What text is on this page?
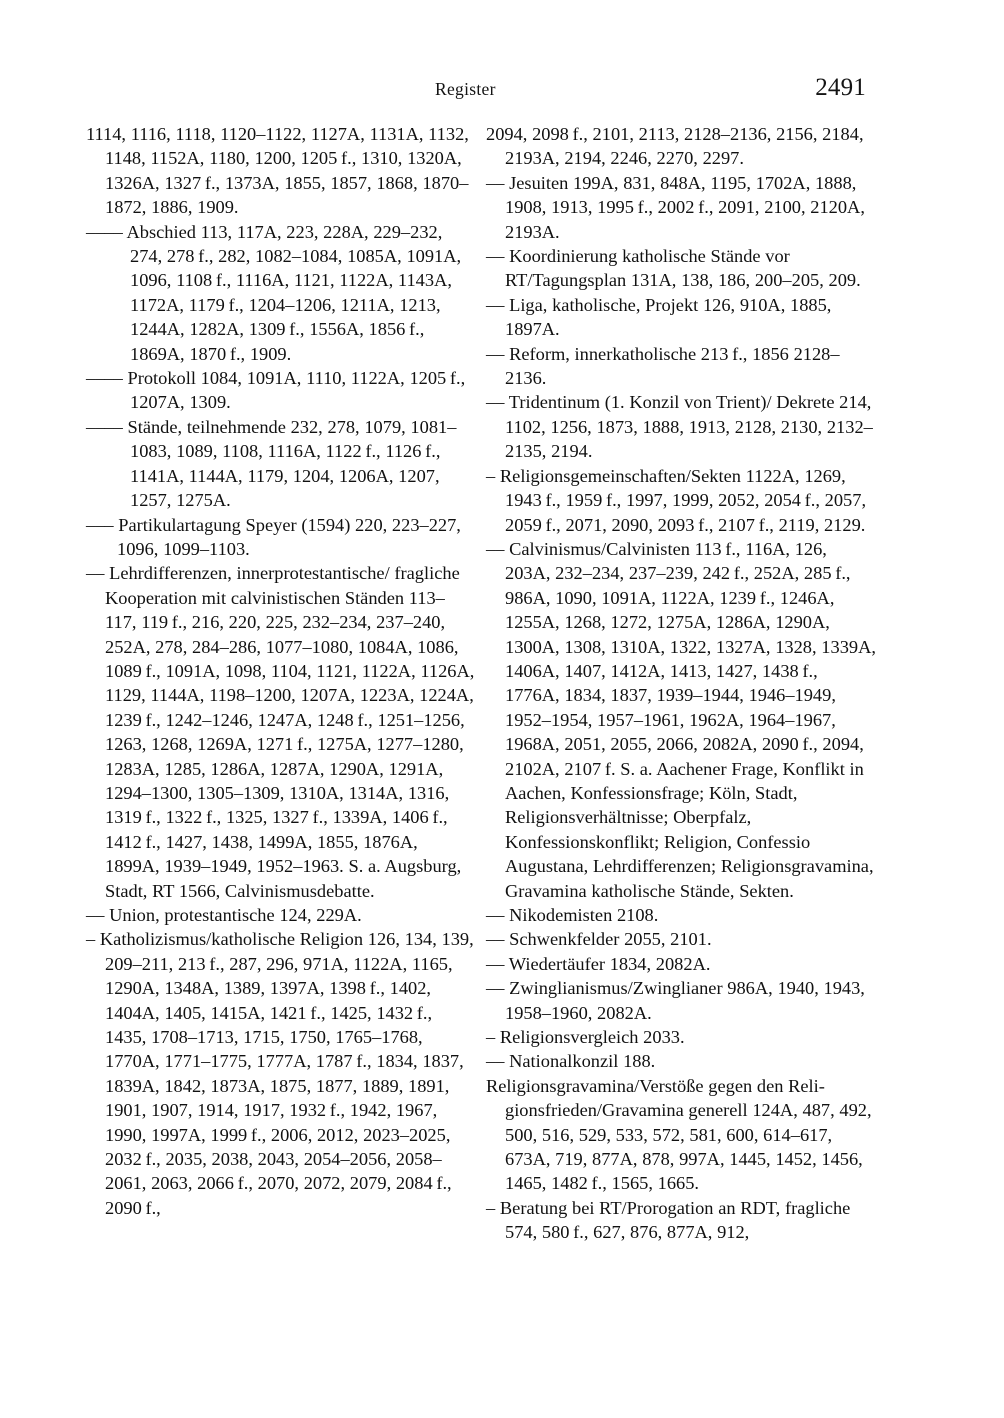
Register	2491

1114, 1116, 1118, 1120–1122, 1127A, 1131A, 1132, 1148, 1152A, 1180, 1200, 1205 f., 1310, 1320A, 1326A, 1327 f., 1373A, 1855, 1857, 1868, 1870–1872, 1886, 1909.

–––– Abschied 113, 117A, 223, 228A, 229–232, 274, 278 f., 282, 1082–1084, 1085A, 1091A, 1096, 1108 f., 1116A, 1121, 1122A, 1143A, 1172A, 1179 f., 1204–1206, 1211A, 1213, 1244A, 1282A, 1309 f., 1556A, 1856 f., 1869A, 1870 f., 1909.

–––– Protokoll 1084, 1091A, 1110, 1122A, 1205 f., 1207A, 1309.

–––– Stände, teilnehmende 232, 278, 1079, 1081–1083, 1089, 1108, 1116A, 1122 f., 1126 f., 1141A, 1144A, 1179, 1204, 1206A, 1207, 1257, 1275A.

––– Partikulartagung Speyer (1594) 220, 223–227, 1096, 1099–1103.

–– Lehrdifferenzen, innerprotestantische/ fragliche Kooperation mit calvinistischen Ständen 113–117, 119 f., 216, 220, 225, 232–234, 237–240, 252A, 278, 284–286, 1077–1080, 1084A, 1086, 1089 f., 1091A, 1098, 1104, 1121, 1122A, 1126A, 1129, 1144A, 1198–1200, 1207A, 1223A, 1224A, 1239 f., 1242–1246, 1247A, 1248 f., 1251–1256, 1263, 1268, 1269A, 1271 f., 1275A, 1277–1280, 1283A, 1285, 1286A, 1287A, 1290A, 1291A, 1294–1300, 1305–1309, 1310A, 1314A, 1316, 1319 f., 1322 f., 1325, 1327 f., 1339A, 1406 f., 1412 f., 1427, 1438, 1499A, 1855, 1876A, 1899A, 1939–1949, 1952–1963. S. a. Augsburg, Stadt, RT 1566, Calvinismusdebatte.

–– Union, protestantische 124, 229A.

– Katholizismus/katholische Religion 126, 134, 139, 209–211, 213 f., 287, 296, 971A, 1122A, 1165, 1290A, 1348A, 1389, 1397A, 1398 f., 1402, 1404A, 1405, 1415A, 1421 f., 1425, 1432 f., 1435, 1708–1713, 1715, 1750, 1765–1768, 1770A, 1771–1775, 1777A, 1787 f., 1834, 1837, 1839A, 1842, 1873A, 1875, 1877, 1889, 1891, 1901, 1907, 1914, 1917, 1932 f., 1942, 1967, 1990, 1997A, 1999 f., 2006, 2012, 2023–2025, 2032 f., 2035, 2038, 2043, 2054–2056, 2058–2061, 2063, 2066 f., 2070, 2072, 2079, 2084 f., 2090 f.,

2094, 2098 f., 2101, 2113, 2128–2136, 2156, 2184, 2193A, 2194, 2246, 2270, 2297.

–– Jesuiten 199A, 831, 848A, 1195, 1702A, 1888, 1908, 1913, 1995 f., 2002 f., 2091, 2100, 2120A, 2193A.

–– Koordinierung katholische Stände vor RT/Tagungsplan 131A, 138, 186, 200–205, 209.

–– Liga, katholische, Projekt 126, 910A, 1885, 1897A.

–– Reform, innerkatholische 213 f., 1856 2128–2136.

–– Tridentinum (1. Konzil von Trient)/ Dekrete 214, 1102, 1256, 1873, 1888, 1913, 2128, 2130, 2132–2135, 2194.

– Religionsgemeinschaften/Sekten 1122A, 1269, 1943 f., 1959 f., 1997, 1999, 2052, 2054 f., 2057, 2059 f., 2071, 2090, 2093 f., 2107 f., 2119, 2129.

–– Calvinismus/Calvinisten 113 f., 116A, 126, 203A, 232–234, 237–239, 242 f., 252A, 285 f., 986A, 1090, 1091A, 1122A, 1239 f., 1246A, 1255A, 1268, 1272, 1275A, 1286A, 1290A, 1300A, 1308, 1310A, 1322, 1327A, 1328, 1339A, 1406A, 1407, 1412A, 1413, 1427, 1438 f., 1776A, 1834, 1837, 1939–1944, 1946–1949, 1952–1954, 1957–1961, 1962A, 1964–1967, 1968A, 2051, 2055, 2066, 2082A, 2090 f., 2094, 2102A, 2107 f. S. a. Aachener Frage, Konflikt in Aachen, Konfessionsfrage; Köln, Stadt, Religionsverhältnisse; Oberpfalz, Konfessionskonflikt; Religion, Confessio Augustana, Lehrdifferenzen; Religionsgravamina, Gravamina katholische Stände, Sekten.

–– Nikodemisten 2108.

–– Schwenkfelder 2055, 2101.

–– Wiedertäufer 1834, 2082A.

–– Zwinglianismus/Zwinglianer 986A, 1940, 1943, 1958–1960, 2082A.

– Religionsvergleich 2033.

–– Nationalkonzil 188.

Religionsgravamina/Verstöße gegen den Reli-gionsfrieden/Gravamina generell 124A, 487, 492, 500, 516, 529, 533, 572, 581, 600, 614–617, 673A, 719, 877A, 878, 997A, 1445, 1452, 1456, 1465, 1482 f., 1565, 1665.

– Beratung bei RT/Prorogation an RDT, fragliche 574, 580 f., 627, 876, 877A, 912,
